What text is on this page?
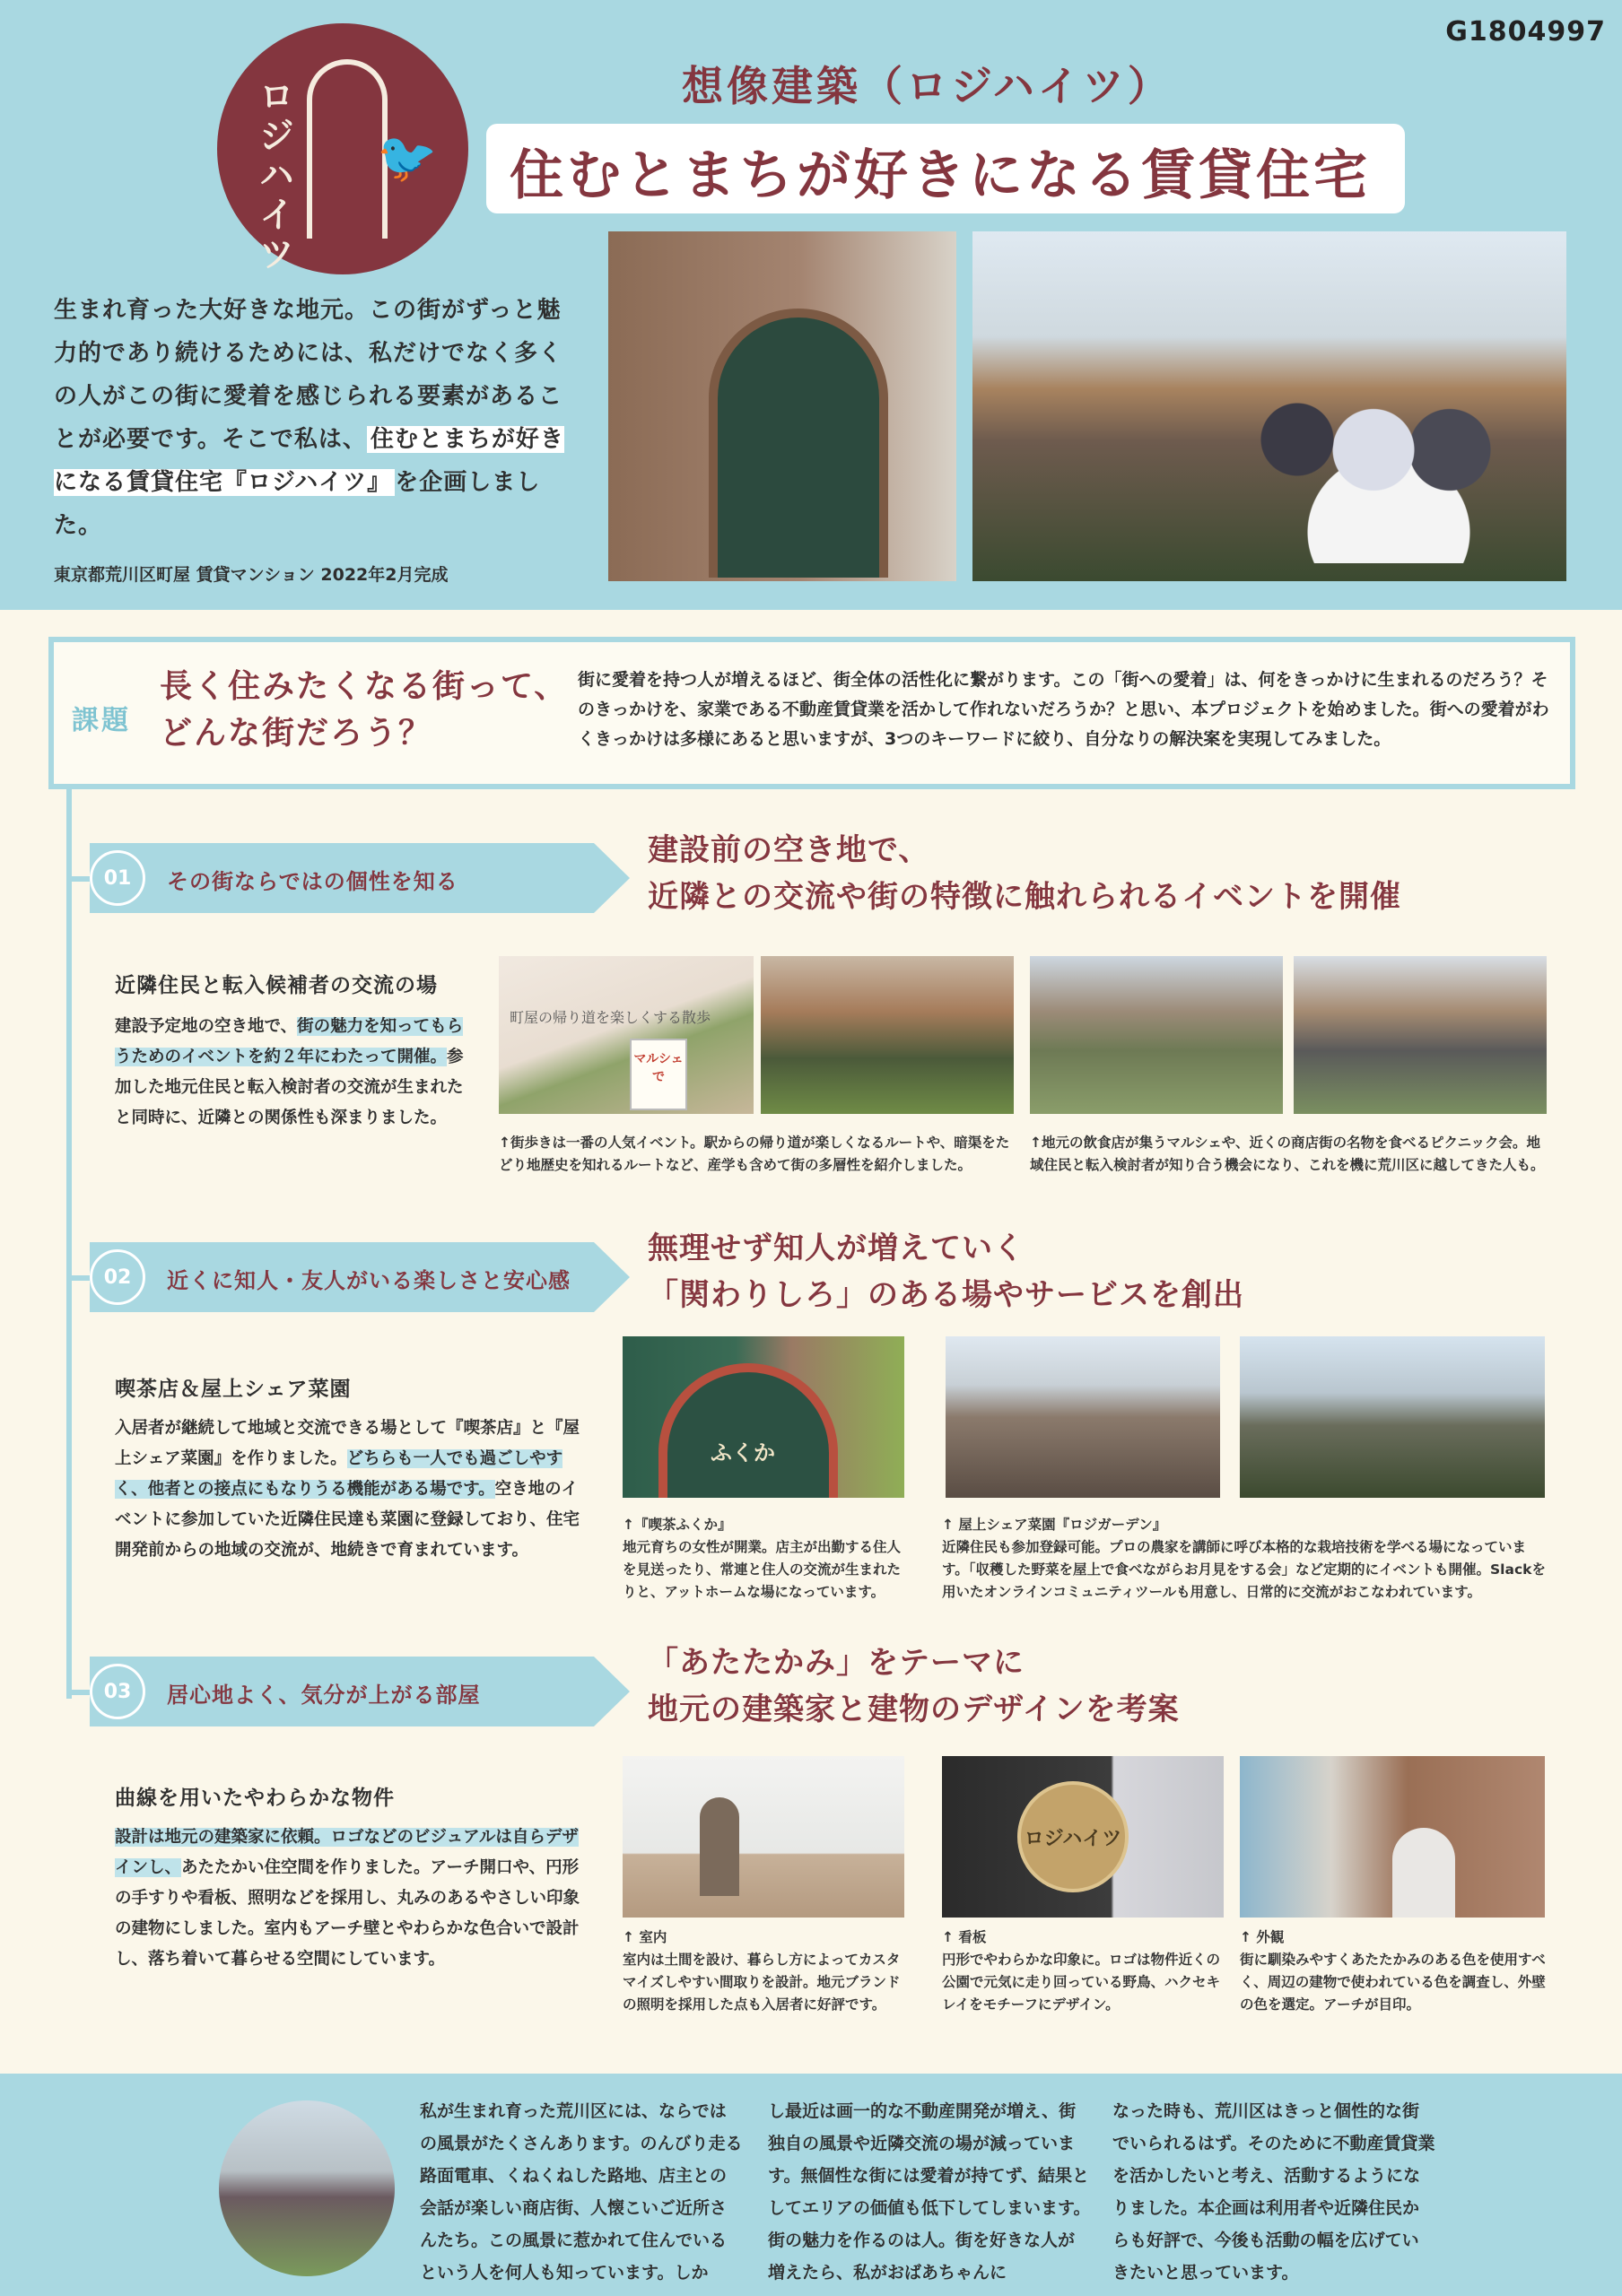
G1804997
ロジハイツ 🐦
想像建築（ロジハイツ）
住むとまちが好きになる賃貸住宅
生まれ育った大好きな地元。この街がずっと魅力的であり続けるためには、私だけでなく多くの人がこの街に愛着を感じられる要素があることが必要です。そこで私は、 住むとまちが好きになる賃貸住宅『ロジハイツ』 を企画しました。
東京都荒川区町屋 賃貸マンション 2022年2月完成
課題
長く住みたくなる街って、
どんな街だろう？
街に愛着を持つ人が増えるほど、街全体の活性化に繋がります。この「街への愛着」は、何をきっかけに生まれるのだろう？そのきっかけを、家業である不動産賃貸業を活かして作れないだろうか？と思い、本プロジェクトを始めました。街への愛着がわくきっかけは多様にあると思いますが、3つのキーワードに絞り、自分なりの解決案を実現してみました。
01	その街ならではの個性を知る
建設前の空き地で、
近隣との交流や街の特徴に触れられるイベントを開催
近隣住民と転入候補者の交流の場
建設予定地の空き地で、街の魅力を知ってもらうためのイベントを約２年にわたって開催。参加した地元住民と転入検討者の交流が生まれたと同時に、近隣との関係性も深まりました。
町屋の帰り道を楽しくする散歩
マルシェで
↑街歩きは一番の人気イベント。駅からの帰り道が楽しくなるルートや、暗渠をたどり地歴史を知れるルートなど、産学も含めて街の多層性を紹介しました。
↑地元の飲食店が集うマルシェや、近くの商店街の名物を食べるピクニック会。地域住民と転入検討者が知り合う機会になり、これを機に荒川区に越してきた人も。
02	近くに知人・友人がいる楽しさと安心感
無理せず知人が増えていく
「関わりしろ」のある場やサービスを創出
喫茶店＆屋上シェア菜園
入居者が継続して地域と交流できる場として『喫茶店』と『屋上シェア菜園』を作りました。どちらも一人でも過ごしやすく、他者との接点にもなりうる機能がある場です。空き地のイベントに参加していた近隣住民達も菜園に登録しており、住宅開発前からの地域の交流が、地続きで育まれています。
ふくか
↑『喫茶ふくか』
地元育ちの女性が開業。店主が出勤する住人を見送ったり、常連と住人の交流が生まれたりと、アットホームな場になっています。
↑ 屋上シェア菜園『ロジガーデン』
近隣住民も参加登録可能。プロの農家を講師に呼び本格的な栽培技術を学べる場になっています。「収穫した野菜を屋上で食べながらお月見をする会」など定期的にイベントも開催。Slackを用いたオンラインコミュニティツールも用意し、日常的に交流がおこなわれています。
03	居心地よく、気分が上がる部屋
「あたたかみ」をテーマに
地元の建築家と建物のデザインを考案
曲線を用いたやわらかな物件
設計は地元の建築家に依頼。ロゴなどのビジュアルは自らデザインし、あたたかい住空間を作りました。アーチ開口や、円形の手すりや看板、照明などを採用し、丸みのあるやさしい印象の建物にしました。室内もアーチ壁とやわらかな色合いで設計し、落ち着いて暮らせる空間にしています。
ロジハイツ
↑ 室内
室内は土間を設け、暮らし方によってカスタマイズしやすい間取りを設計。地元ブランドの照明を採用した点も入居者に好評です。
↑ 看板
円形でやわらかな印象に。ロゴは物件近くの公園で元気に走り回っている野鳥、ハクセキレイをモチーフにデザイン。
↑ 外観
街に馴染みやすくあたたかみのある色を使用すべく、周辺の建物で使われている色を調査し、外壁の色を選定。アーチが目印。
私が生まれ育った荒川区には、ならではの風景がたくさんあります。のんびり走る路面電車、くねくねした路地、店主との会話が楽しい商店街、人懐こいご近所さんたち。この風景に惹かれて住んでいるという人を何人も知っています。しか
し最近は画一的な不動産開発が増え、街独自の風景や近隣交流の場が減っています。無個性な街には愛着が持てず、結果としてエリアの価値も低下してしまいます。街の魅力を作るのは人。街を好きな人が増えたら、私がおばあちゃんに
なった時も、荒川区はきっと個性的な街でいられるはず。そのために不動産賃貸業を活かしたいと考え、活動するようになりました。本企画は利用者や近隣住民からも好評で、今後も活動の幅を広げていきたいと思っています。
